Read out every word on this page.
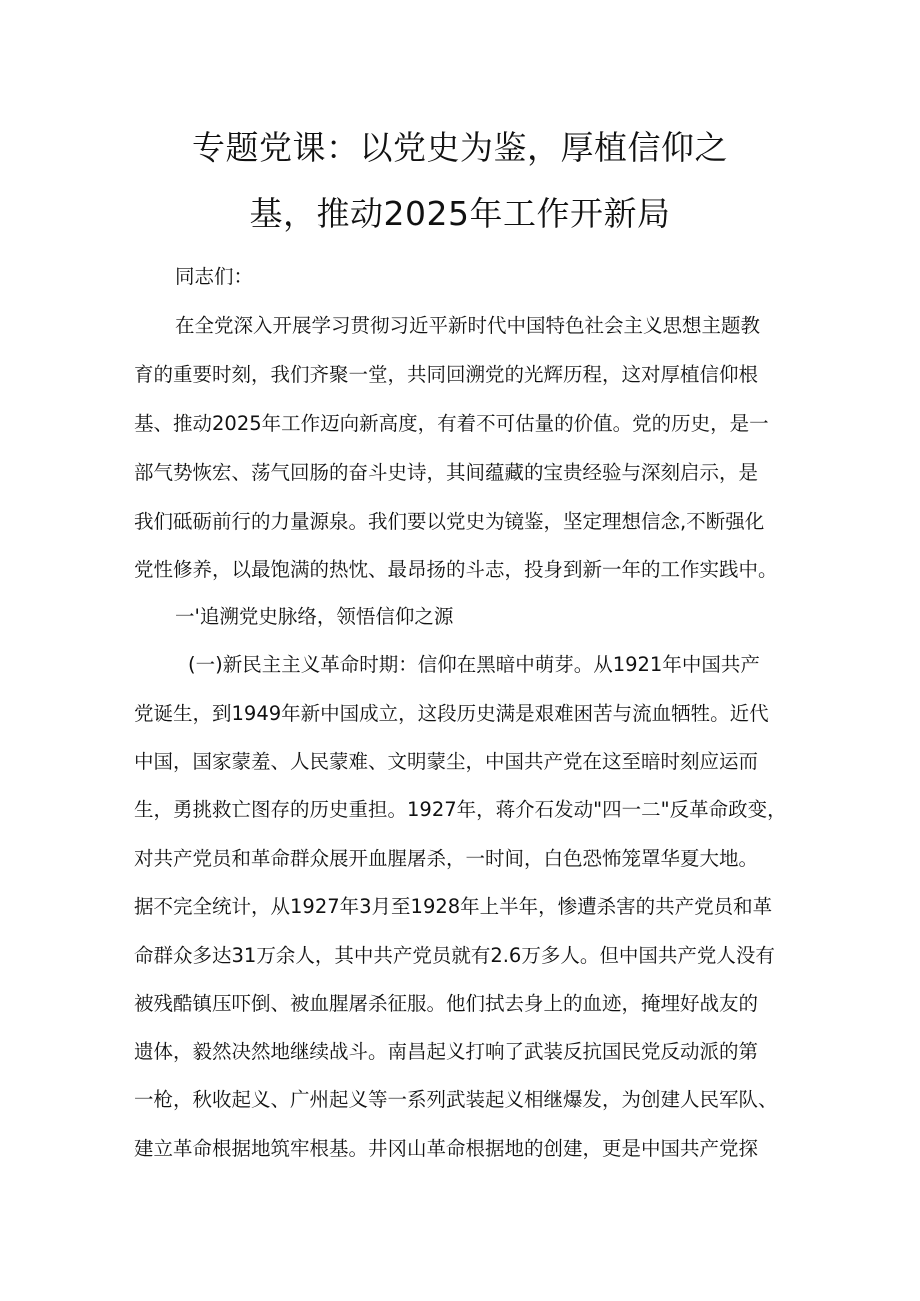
专题党课：以党史为鉴，厚植信仰之
基，推动2025年工作开新局

同志们：

在全党深入开展学习贯彻习近平新时代中国特色社会主义思想主题教

育的重要时刻，我们齐聚一堂，共同回溯党的光辉历程，这对厚植信仰根

基、推动2025年工作迈向新高度，有着不可估量的价值。党的历史，是一

部气势恢宏、荡气回肠的奋斗史诗，其间蕴藏的宝贵经验与深刻启示，是

我们砥砺前行的力量源泉。我们要以党史为镜鉴，坚定理想信念,不断强化

党性修养，以最饱满的热忱、最昂扬的斗志，投身到新一年的工作实践中。

一'追溯党史脉络，领悟信仰之源

(一)新民主主义革命时期：信仰在黑暗中萌芽。从1921年中国共产

党诞生，到1949年新中国成立，这段历史满是艰难困苦与流血牺牲。近代

中国，国家蒙羞、人民蒙难、文明蒙尘，中国共产党在这至暗时刻应运而

生，勇挑救亡图存的历史重担。1927年，蒋介石发动"四一二"反革命政变，

对共产党员和革命群众展开血腥屠杀，一时间，白色恐怖笼罩华夏大地。

据不完全统计，从1927年3月至1928年上半年，惨遭杀害的共产党员和革

命群众多达31万余人，其中共产党员就有2.6万多人。但中国共产党人没有

被残酷镇压吓倒、被血腥屠杀征服。他们拭去身上的血迹，掩埋好战友的

遗体，毅然决然地继续战斗。南昌起义打响了武装反抗国民党反动派的第

一枪，秋收起义、广州起义等一系列武装起义相继爆发，为创建人民军队、

建立革命根据地筑牢根基。井冈山革命根据地的创建，更是中国共产党探
